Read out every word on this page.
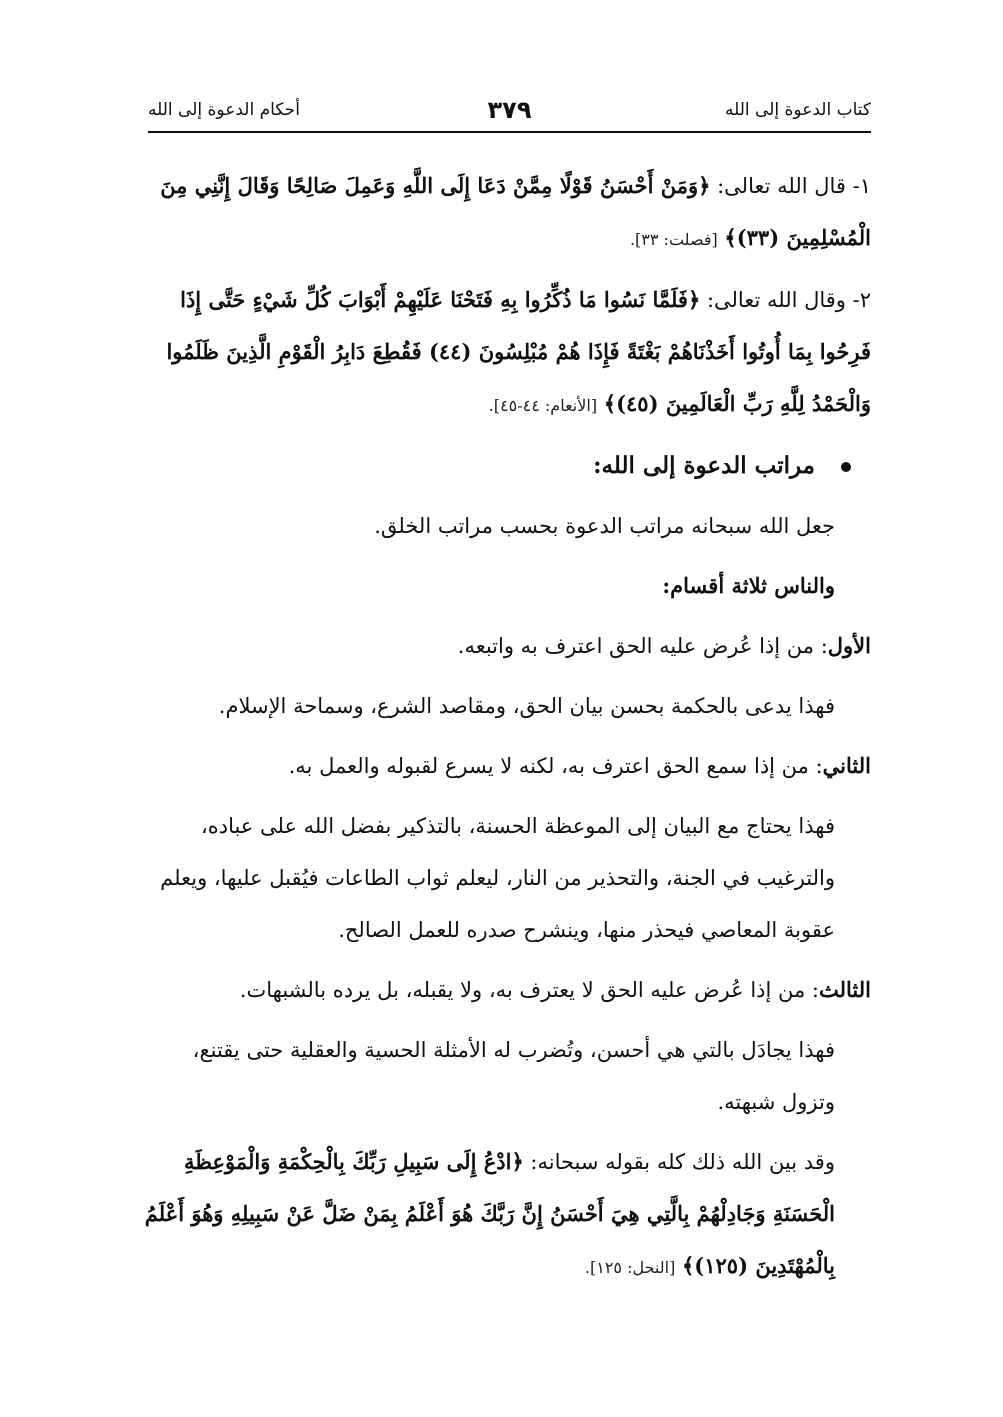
أحكام الدعوة إلى الله	٣٧٩	كتاب الدعوة إلى الله

١- قال الله تعالى: ﴿وَمَنْ أَحْسَنُ قَوْلًا مِمَّنْ دَعَا إِلَى اللَّهِ وَعَمِلَ صَالِحًا وَقَالَ إِنَّنِي مِنَ الْمُسْلِمِينَ (٣٣)﴾ [فصلت: ٣٣].

٢- وقال الله تعالى: ﴿فَلَمَّا نَسُوا مَا ذُكِّرُوا بِهِ فَتَحْنَا عَلَيْهِمْ أَبْوَابَ كُلِّ شَيْءٍ حَتَّى إِذَا فَرِحُوا بِمَا أُوتُوا أَخَذْنَاهُمْ بَغْتَةً فَإِذَا هُمْ مُبْلِسُونَ (٤٤) فَقُطِعَ دَابِرُ الْقَوْمِ الَّذِينَ ظَلَمُوا وَالْحَمْدُ لِلَّهِ رَبِّ الْعَالَمِينَ (٤٥)﴾ [الأنعام: ٤٤-٤٥].

مراتب الدعوة إلى الله:

جعل الله سبحانه مراتب الدعوة بحسب مراتب الخلق.

والناس ثلاثة أقسام:

الأول: من إذا عُرض عليه الحق اعترف به واتبعه.

فهذا يدعى بالحكمة بحسن بيان الحق، ومقاصد الشرع، وسماحة الإسلام.

الثاني: من إذا سمع الحق اعترف به، لكنه لا يسرع لقبوله والعمل به.

فهذا يحتاج مع البيان إلى الموعظة الحسنة، بالتذكير بفضل الله على عباده، والترغيب في الجنة، والتحذير من النار، ليعلم ثواب الطاعات فيُقبل عليها، ويعلم عقوبة المعاصي فيحذر منها، وينشرح صدره للعمل الصالح.

الثالث: من إذا عُرض عليه الحق لا يعترف به، ولا يقبله، بل يرده بالشبهات.

فهذا يجادَل بالتي هي أحسن، وتُضرب له الأمثلة الحسية والعقلية حتى يقتنع، وتزول شبهته.

وقد بين الله ذلك كله بقوله سبحانه: ﴿ادْعُ إِلَى سَبِيلِ رَبِّكَ بِالْحِكْمَةِ وَالْمَوْعِظَةِ الْحَسَنَةِ وَجَادِلْهُمْ بِالَّتِي هِيَ أَحْسَنُ إِنَّ رَبَّكَ هُوَ أَعْلَمُ بِمَنْ ضَلَّ عَنْ سَبِيلِهِ وَهُوَ أَعْلَمُ بِالْمُهْتَدِينَ (١٢٥)﴾ [النحل: ١٢٥].
